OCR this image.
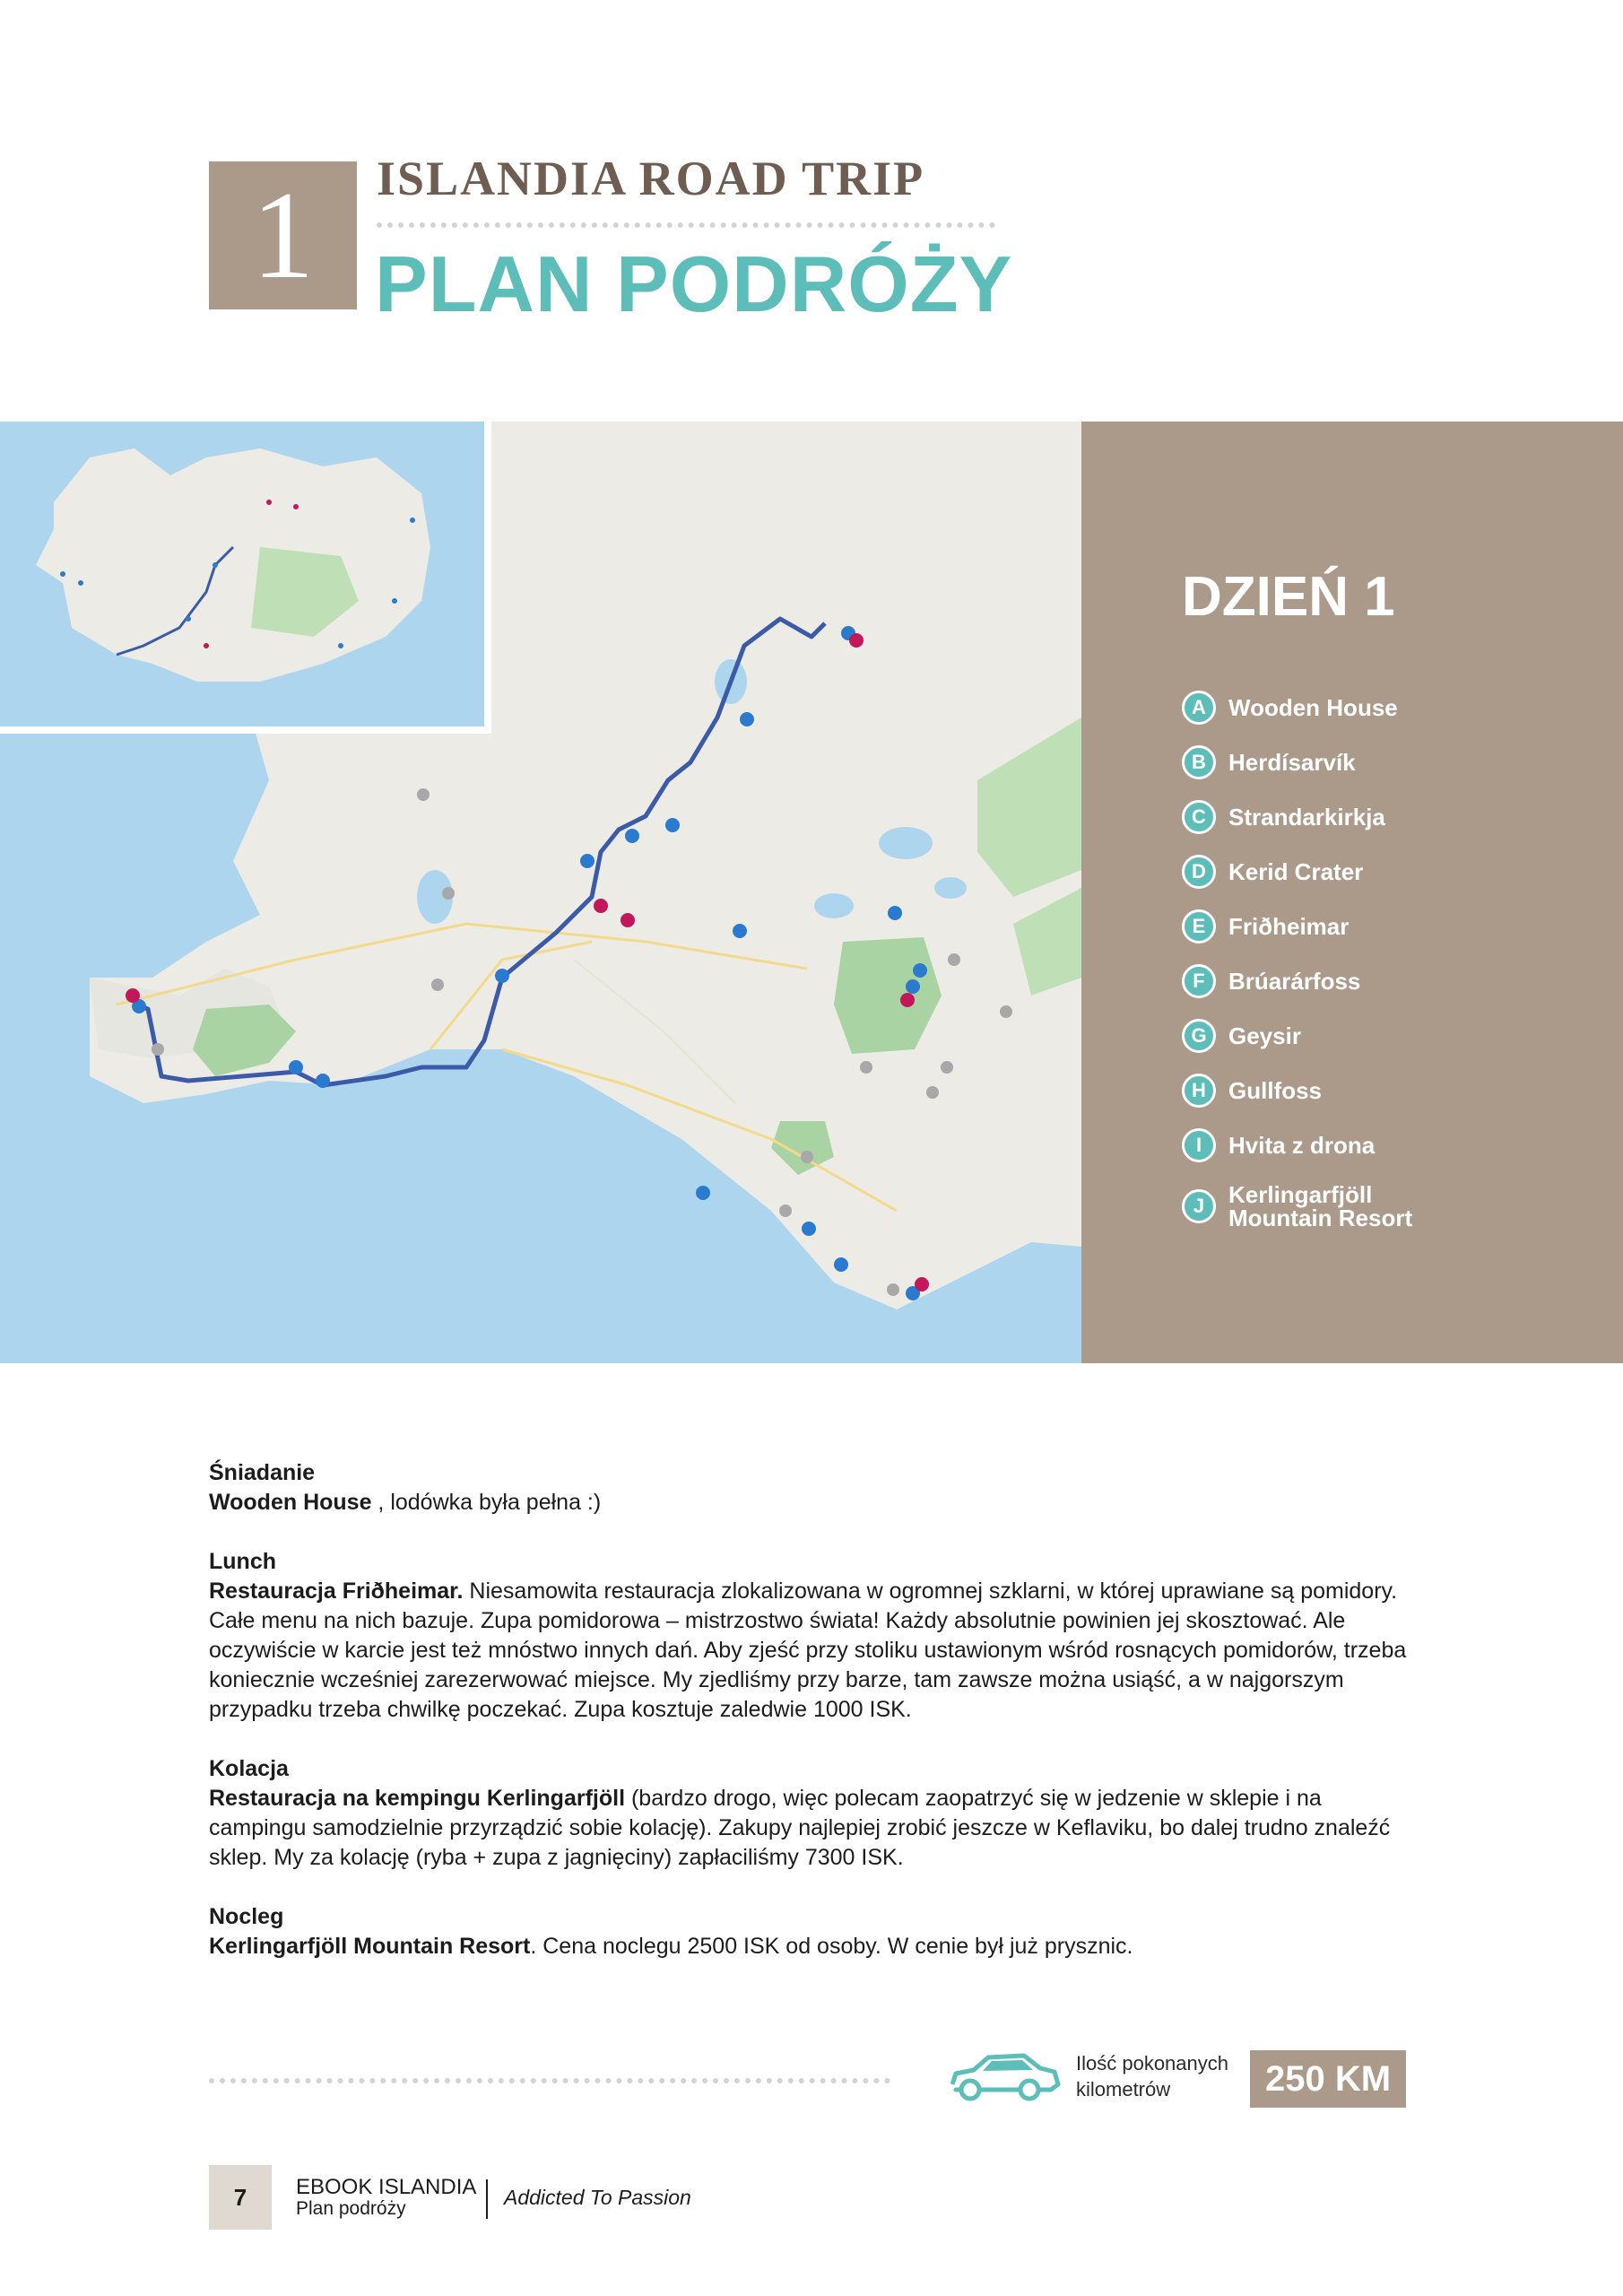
1 ISLANDIA ROAD TRIP
PLAN PODRÓŻY
DZIEŃ 1
A Wooden House
B Herdísarvík
C Strandarkirkja
D Kerid Crater
E Friðheimar
F	Brúarárfoss
G Geysir
H Gullfoss
I	Hvita z drona
J	Kerlingarfjöll Mountain Resort

Śniadanie
Wooden House , lodówka była pełna :)

Lunch
Restauracja Friðheimar. Niesamowita restauracja zlokalizowana w ogromnej szklarni, w której uprawiane są pomidory. Całe menu na nich bazuje. Zupa pomidorowa – mistrzostwo świata! Każdy absolutnie powinien jej skosztować. Ale oczywiście w karcie jest też mnóstwo innych dań. Aby zjeść przy stoliku ustawionym wśród rosnących pomidorów, trzeba koniecznie wcześniej zarezerwować miejsce. My zjedliśmy przy barze, tam zawsze można usiąść, a w najgorszym przypadku trzeba chwilkę poczekać. Zupa kosztuje zaledwie 1000 ISK.

Kolacja
Restauracja na kempingu Kerlingarfjöll (bardzo drogo, więc polecam zaopatrzyć się w jedzenie w sklepie i na campingu samodzielnie przyrządzić sobie kolację). Zakupy najlepiej zrobić jeszcze w Keflaviku, bo dalej trudno znaleźć sklep. My za kolację (ryba + zupa z jagnięciny) zapłaciliśmy 7300 ISK.

Nocleg
Kerlingarfjöll Mountain Resort. Cena noclegu 2500 ISK od osoby. W cenie był już prysznic.

Ilość pokonanych kilometrów	250 KM
7 EBOOK ISLANDIA
Plan podróży	Addicted To Passion
